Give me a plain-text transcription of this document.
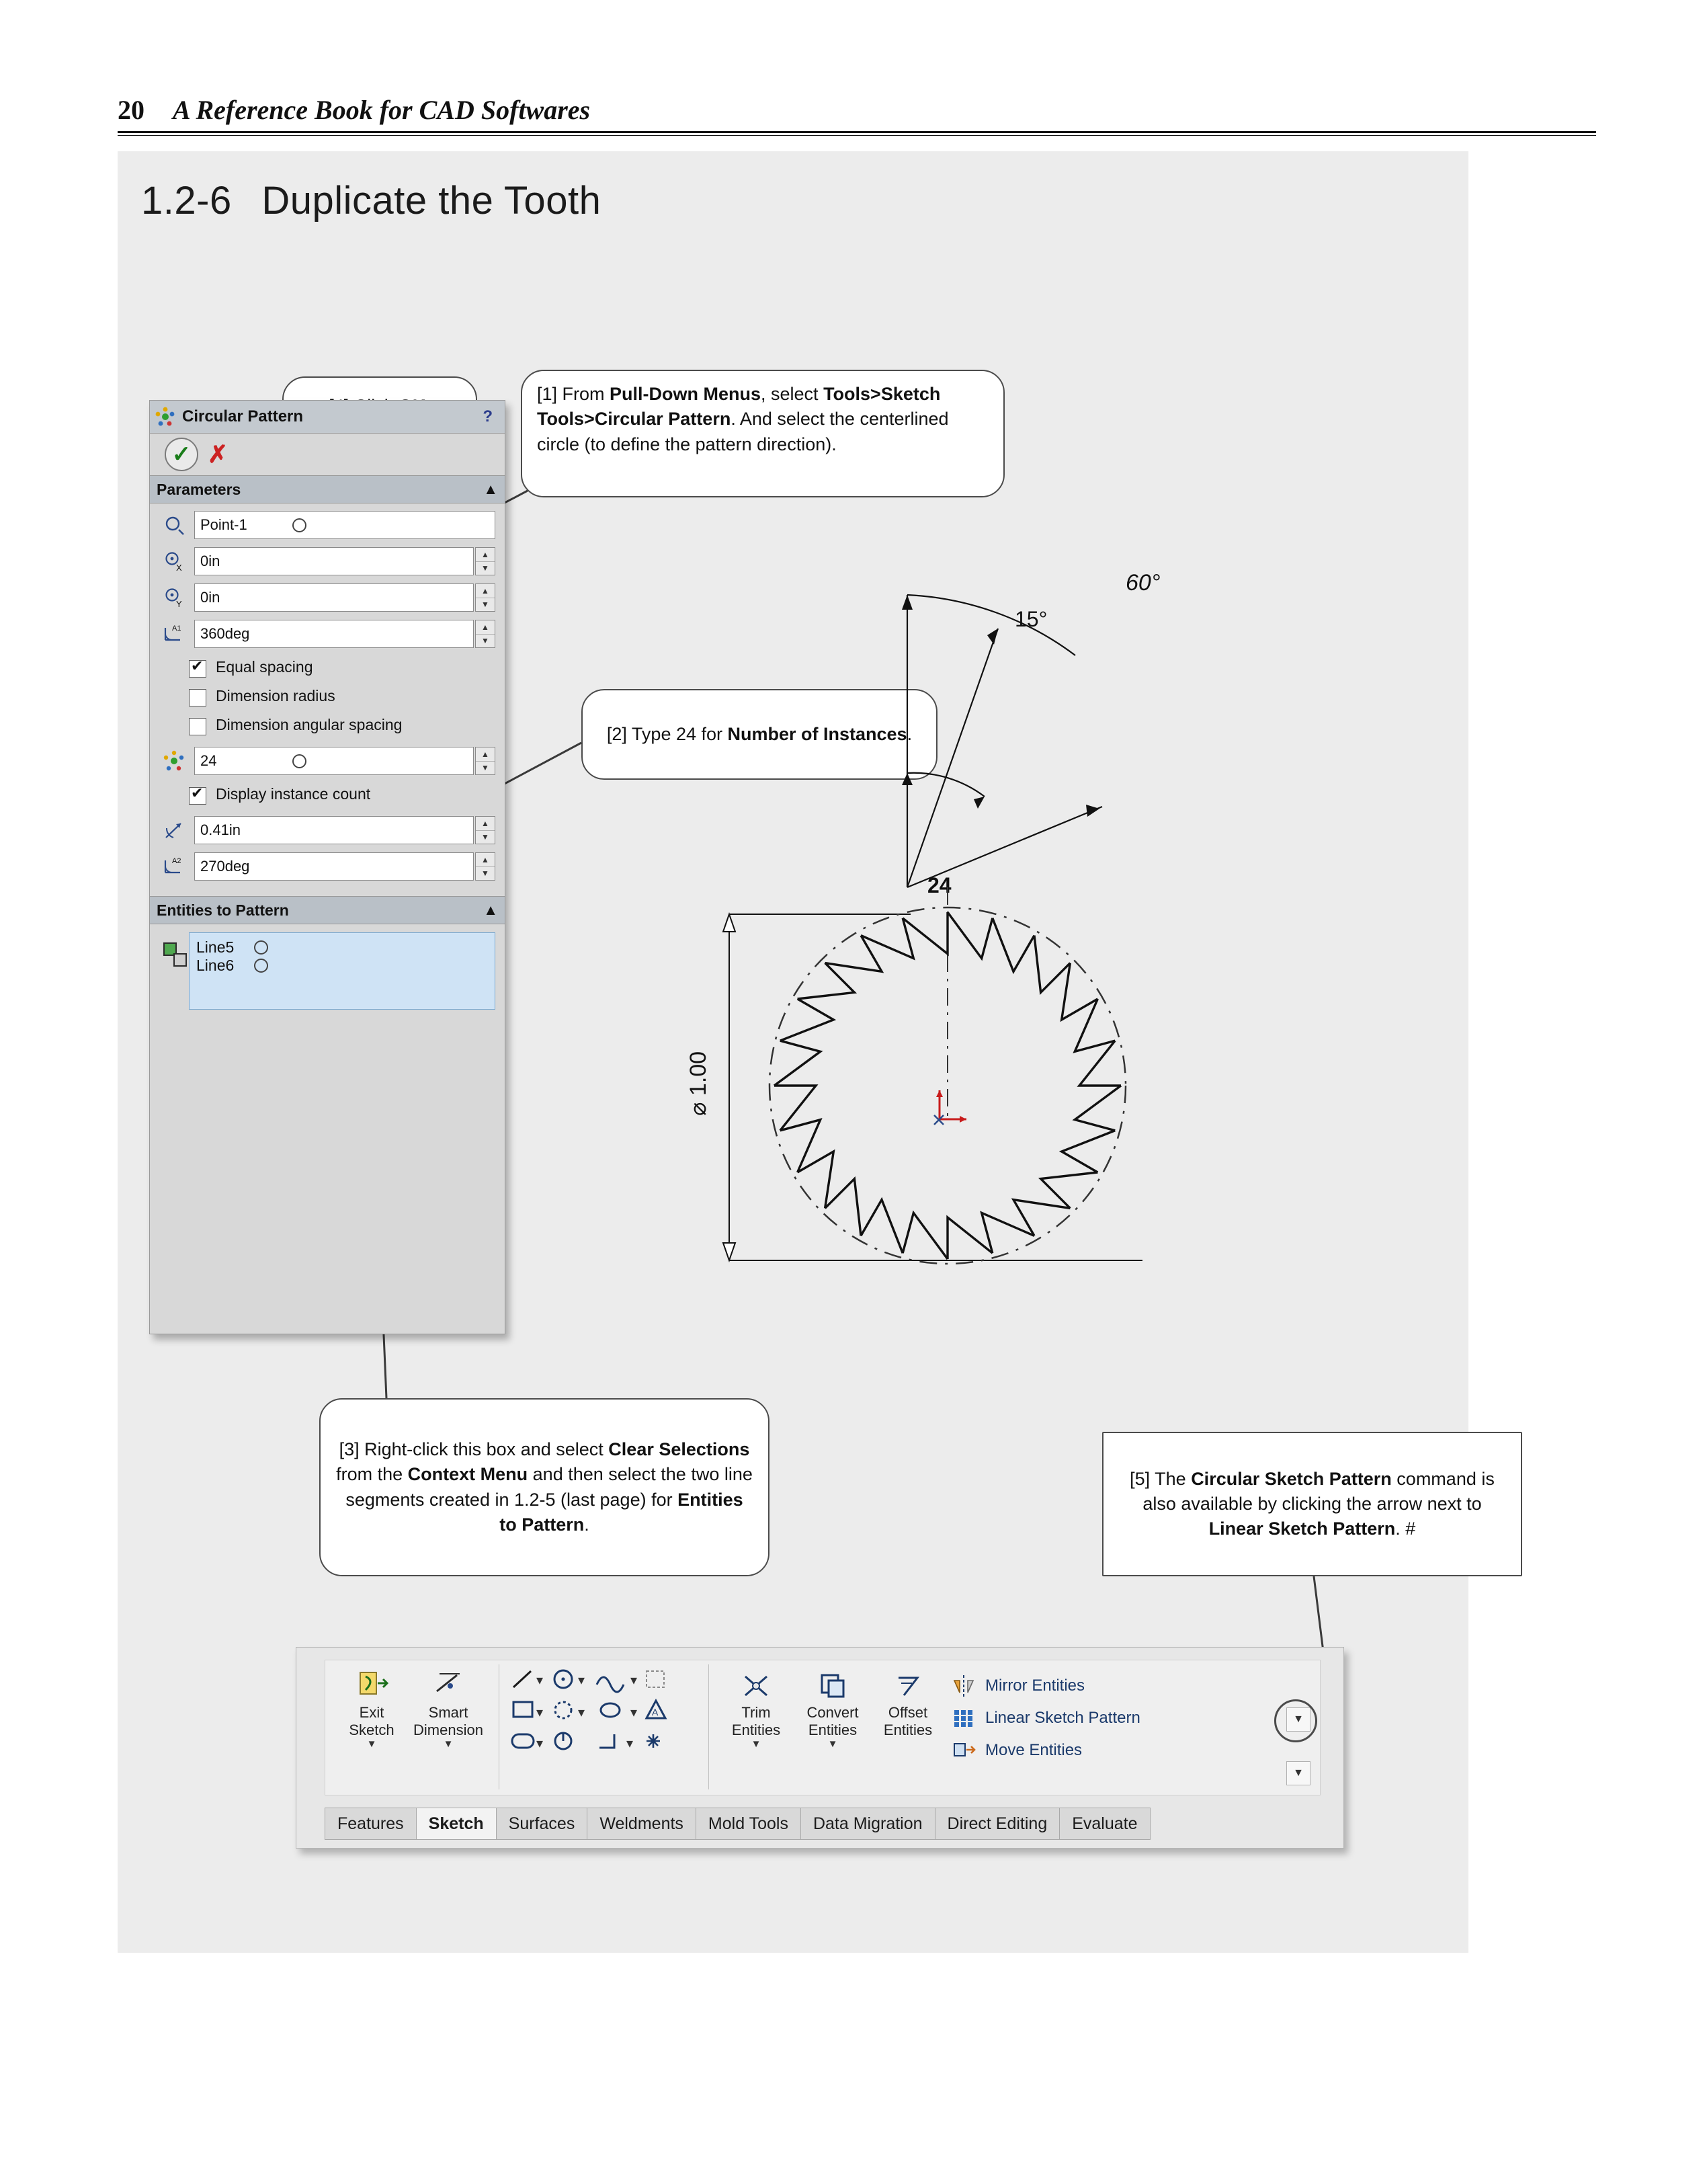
20 A Reference Book for CAD Softwares
1.2-6 Duplicate the Tooth
[1] From Pull-Down Menus, select Tools>Sketch Tools>Circular Pattern. And select the centerlined circle (to define the pattern direction).
[2] Type 24 for Number of Instances.
[3] Right-click this box and select Clear Selections from the Context Menu and then select the two line segments created in 1.2-5 (last page) for Entities to Pattern.
[5] The Circular Sketch Pattern command is also available by clicking the arrow next to Linear Sketch Pattern. #
Circular Pattern	?
✓ ✗
Parameters	▲
Point-1
X 0in	▲
▼
Y 0in	▲
▼
A1 360deg	▲
▼
✔
Equal spacing
Dimension radius
Dimension angular spacing
24	▲
▼
✔
Display instance count
0.41in	▲
▼
A2 270deg	▲
▼
Entities to Pattern	▲
Line5
Line6
60°
15°
24
⌀ 1.00
Exit
Sketch
▼
Smart
Dimension
▼
▾	▾	▾
▾	▾	▾ A
▾	▾
Trim
Entities
▼
Convert
Entities
▼
Offset
Entities
Mirror Entities
Linear Sketch Pattern
Move Entities
▼
▼
Features	Sketch	Surfaces	Weldments	Mold Tools	Data Migration	Direct Editing	Evaluate
